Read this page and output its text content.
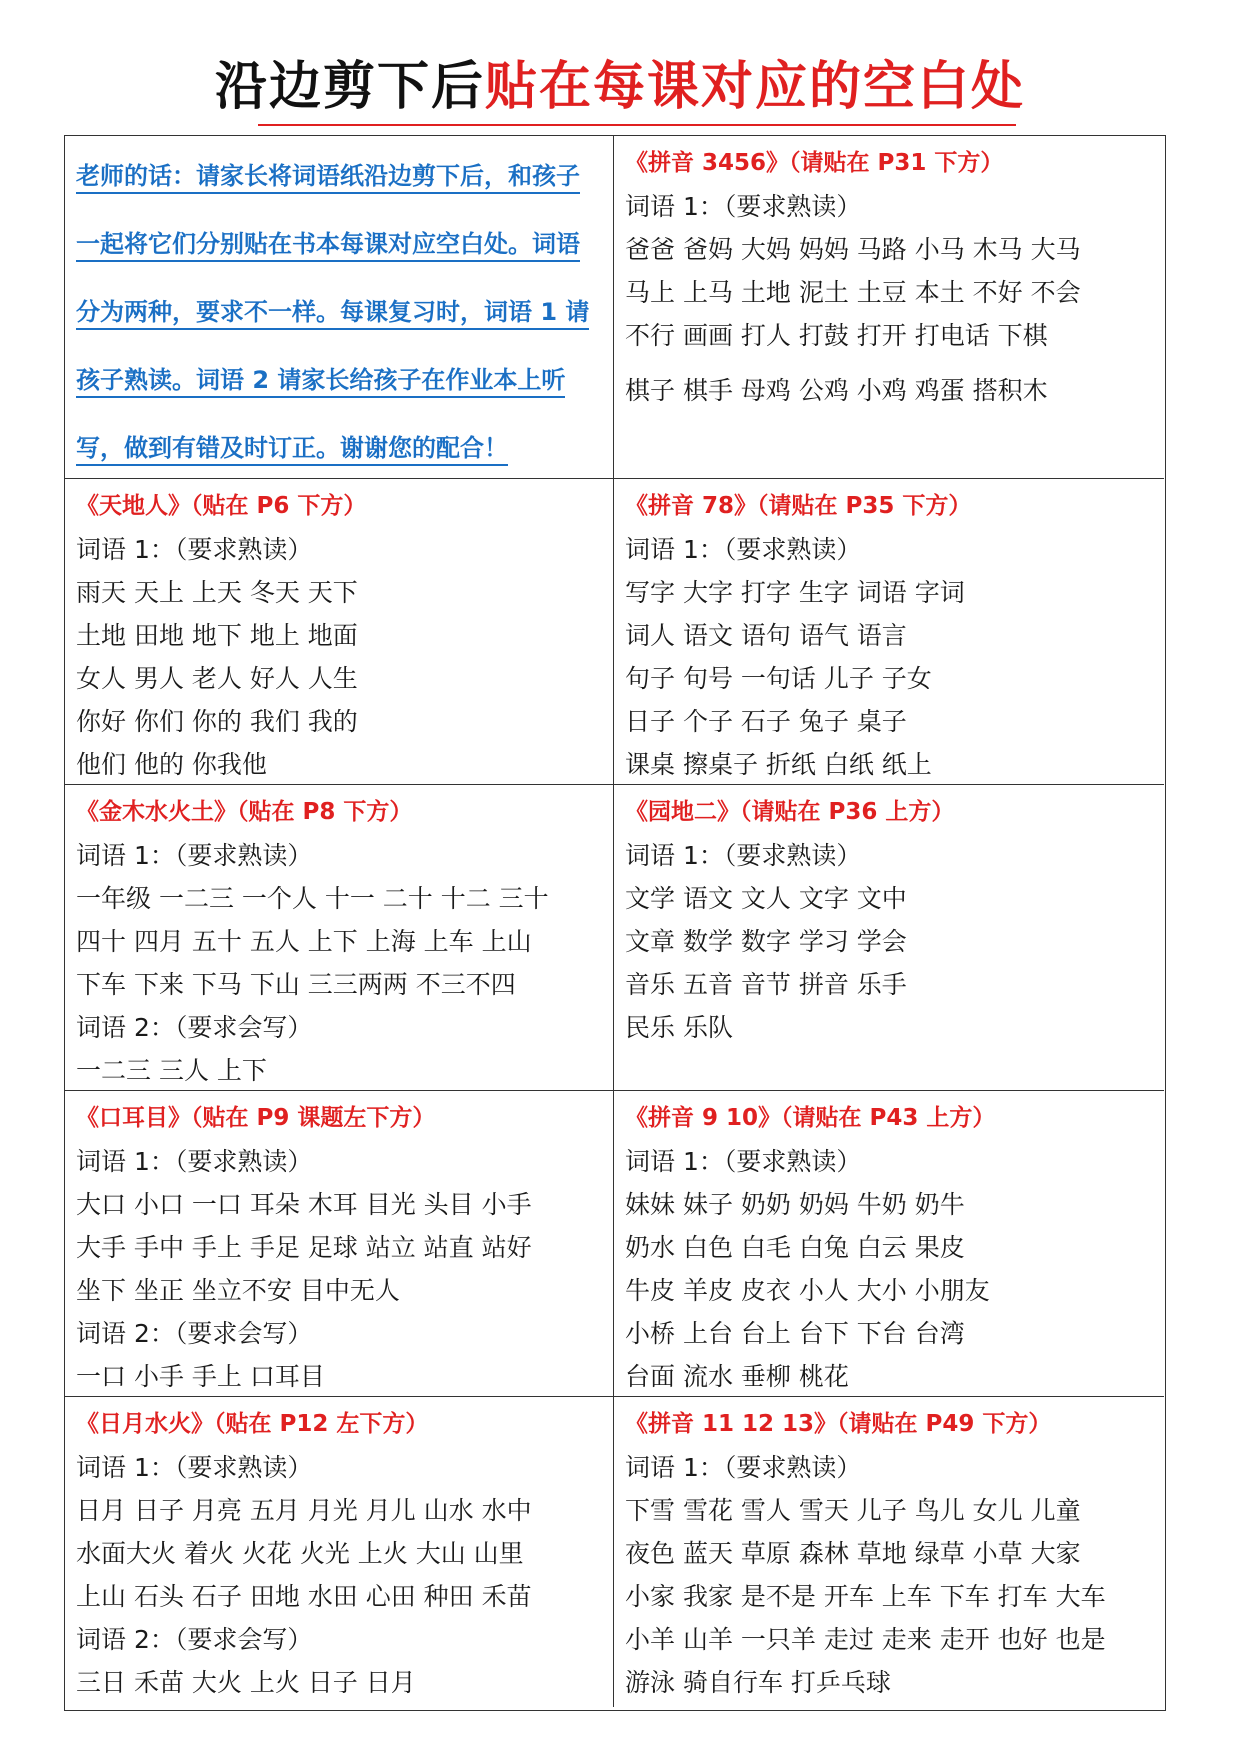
沿边剪下后贴在每课对应的空白处
老师的话：请家长将词语纸沿边剪下后，和孩子
一起将它们分别贴在书本每课对应空白处。词语
分为两种，要求不一样。每课复习时，词语 1 请
孩子熟读。词语 2 请家长给孩子在作业本上听
写，做到有错及时订正。谢谢您的配合！
《拼音 3456》（请贴在 P31 下方）
词语 1：（要求熟读）
爸爸 爸妈 大妈 妈妈 马路 小马 木马 大马
马上 上马 土地 泥土 土豆 本土 不好 不会
不行 画画 打人 打鼓 打开 打电话 下棋
棋子 棋手 母鸡 公鸡 小鸡 鸡蛋 搭积木
《天地人》（贴在 P6 下方）
词语 1：（要求熟读）
雨天 天上 上天 冬天 天下
土地 田地 地下 地上 地面
女人 男人 老人 好人 人生
你好 你们 你的 我们 我的
他们 他的 你我他
《拼音 78》（请贴在 P35 下方）
词语 1：（要求熟读）
写字 大字 打字 生字 词语 字词
词人 语文 语句 语气 语言
句子 句号 一句话 儿子 子女
日子 个子 石子 兔子 桌子
课桌 擦桌子 折纸 白纸 纸上
《金木水火土》（贴在 P8 下方）
词语 1：（要求熟读）
一年级 一二三 一个人 十一 二十 十二 三十
四十 四月 五十 五人 上下 上海 上车 上山
下车 下来 下马 下山 三三两两 不三不四
词语 2：（要求会写）
一二三 三人 上下
《园地二》（请贴在 P36 上方）
词语 1：（要求熟读）
文学 语文 文人 文字 文中
文章 数学 数字 学习 学会
音乐 五音 音节 拼音 乐手
民乐 乐队
《口耳目》（贴在 P9 课题左下方）
词语 1：（要求熟读）
大口 小口 一口 耳朵 木耳 目光 头目 小手
大手 手中 手上 手足 足球 站立 站直 站好
坐下 坐正 坐立不安 目中无人
词语 2：（要求会写）
一口 小手 手上 口耳目
《拼音 9 10》（请贴在 P43 上方）
词语 1：（要求熟读）
妹妹 妹子 奶奶 奶妈 牛奶 奶牛
奶水 白色 白毛 白兔 白云 果皮
牛皮 羊皮 皮衣 小人 大小 小朋友
小桥 上台 台上 台下 下台 台湾
台面 流水 垂柳 桃花
《日月水火》（贴在 P12 左下方）
词语 1：（要求熟读）
日月 日子 月亮 五月 月光 月儿 山水 水中
水面大火 着火 火花 火光 上火 大山 山里
上山 石头 石子 田地 水田 心田 种田 禾苗
词语 2：（要求会写）
三日 禾苗 大火 上火 日子 日月
《拼音 11 12 13》（请贴在 P49 下方）
词语 1：（要求熟读）
下雪 雪花 雪人 雪天 儿子 鸟儿 女儿 儿童
夜色 蓝天 草原 森林 草地 绿草 小草 大家
小家 我家 是不是 开车 上车 下车 打车 大车
小羊 山羊 一只羊 走过 走来 走开 也好 也是
游泳 骑自行车 打乒乓球
